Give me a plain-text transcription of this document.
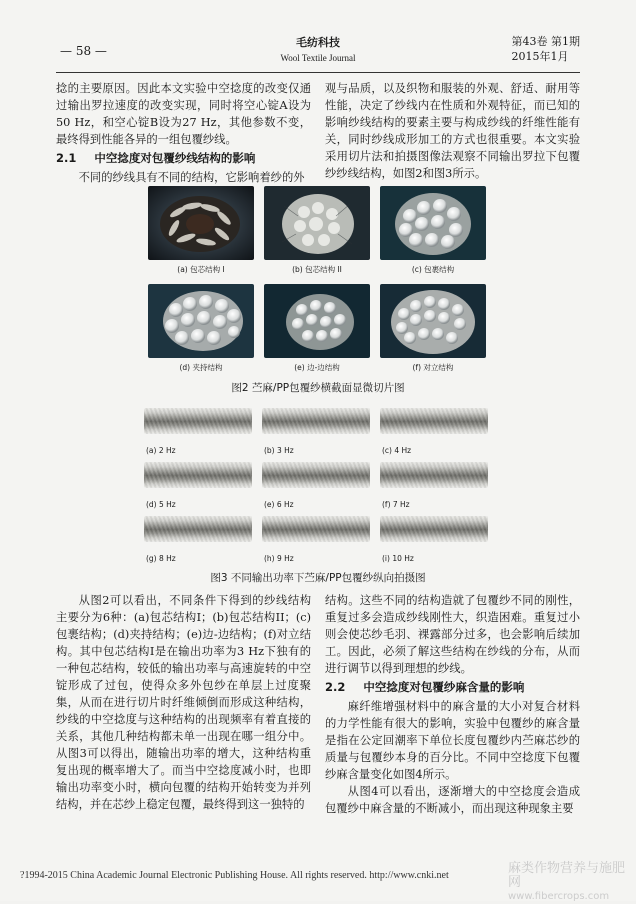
— 58 —
毛纺科技
Wool Textile Journal
第43卷 第1期
2015年1月

捻的主要原因。因此本文实验中空捻度的改变仅通过输出罗拉速度的改变实现，同时将空心锭A设为50 Hz，和空心锭B设为27 Hz，其他参数不变，最终得到性能各异的一组包覆纱线。

2.1 中空捻度对包覆纱线结构的影响

不同的纱线具有不同的结构，它影响着纱的外

观与品质，以及织物和服装的外观、舒适、耐用等性能，决定了纱线内在性质和外观特征，而已知的影响纱线结构的要素主要与构成纱线的纤维性能有关，同时纱线成形加工的方式也很重要。本文实验采用切片法和拍摄图像法观察不同输出罗拉下包覆纱纱线结构，如图2和图3所示。

(a) 包芯结构 I	(b) 包芯结构 II	(c) 包裹结构
(d) 夹持结构	(e) 边-边结构	(f) 对立结构
图2 苎麻/PP包覆纱横截面显微切片图
(a) 2 Hz	(b) 3 Hz	(c) 4 Hz
(d) 5 Hz	(e) 6 Hz	(f) 7 Hz
(g) 8 Hz	(h) 9 Hz	(i) 10 Hz
图3 不同输出功率下苎麻/PP包覆纱纵向拍摄图

从图2可以看出，不同条件下得到的纱线结构主要分为6种：(a)包芯结构I；(b)包芯结构II；(c)包裹结构；(d)夹持结构；(e)边-边结构；(f)对立结构。其中包芯结构I是在输出功率为3 Hz下独有的一种包芯结构，较低的输出功率与高速旋转的中空锭形成了过包，使得众多外包纱在单层上过度聚集，从而在进行切片时纤维倾倒而形成这种结构，纱线的中空捻度与这种结构的出现频率有着直接的关系，其他几种结构都未单一出现在哪一组分中。从图3可以得出，随输出功率的增大，这种结构重复出现的概率增大了。而当中空捻度减小时，也即输出功率变小时，横向包覆的结构开始转变为并列结构，并在芯纱上稳定包覆，最终得到这一独特的

结构。这些不同的结构造就了包覆纱不同的刚性，重复过多会造成纱线刚性大，织造困难。重复过小则会使芯纱毛羽、裸露部分过多，也会影响后续加工。因此，必须了解这些结构在纱线的分布，从而进行调节以得到理想的纱线。

2.2 中空捻度对包覆纱麻含量的影响

麻纤维增强材料中的麻含量的大小对复合材料的力学性能有很大的影响，实验中包覆纱的麻含量是指在公定回潮率下单位长度包覆纱内苎麻芯纱的质量与包覆纱本身的百分比。不同中空捻度下包覆纱麻含量变化如图4所示。

从图4可以看出，逐渐增大的中空捻度会造成包覆纱中麻含量的不断减小，而出现这种现象主要

?1994-2015 China Academic Journal Electronic Publishing House. All rights reserved. http://www.cnki.net	麻类作物营养与施肥网
www.fibercrops.com
